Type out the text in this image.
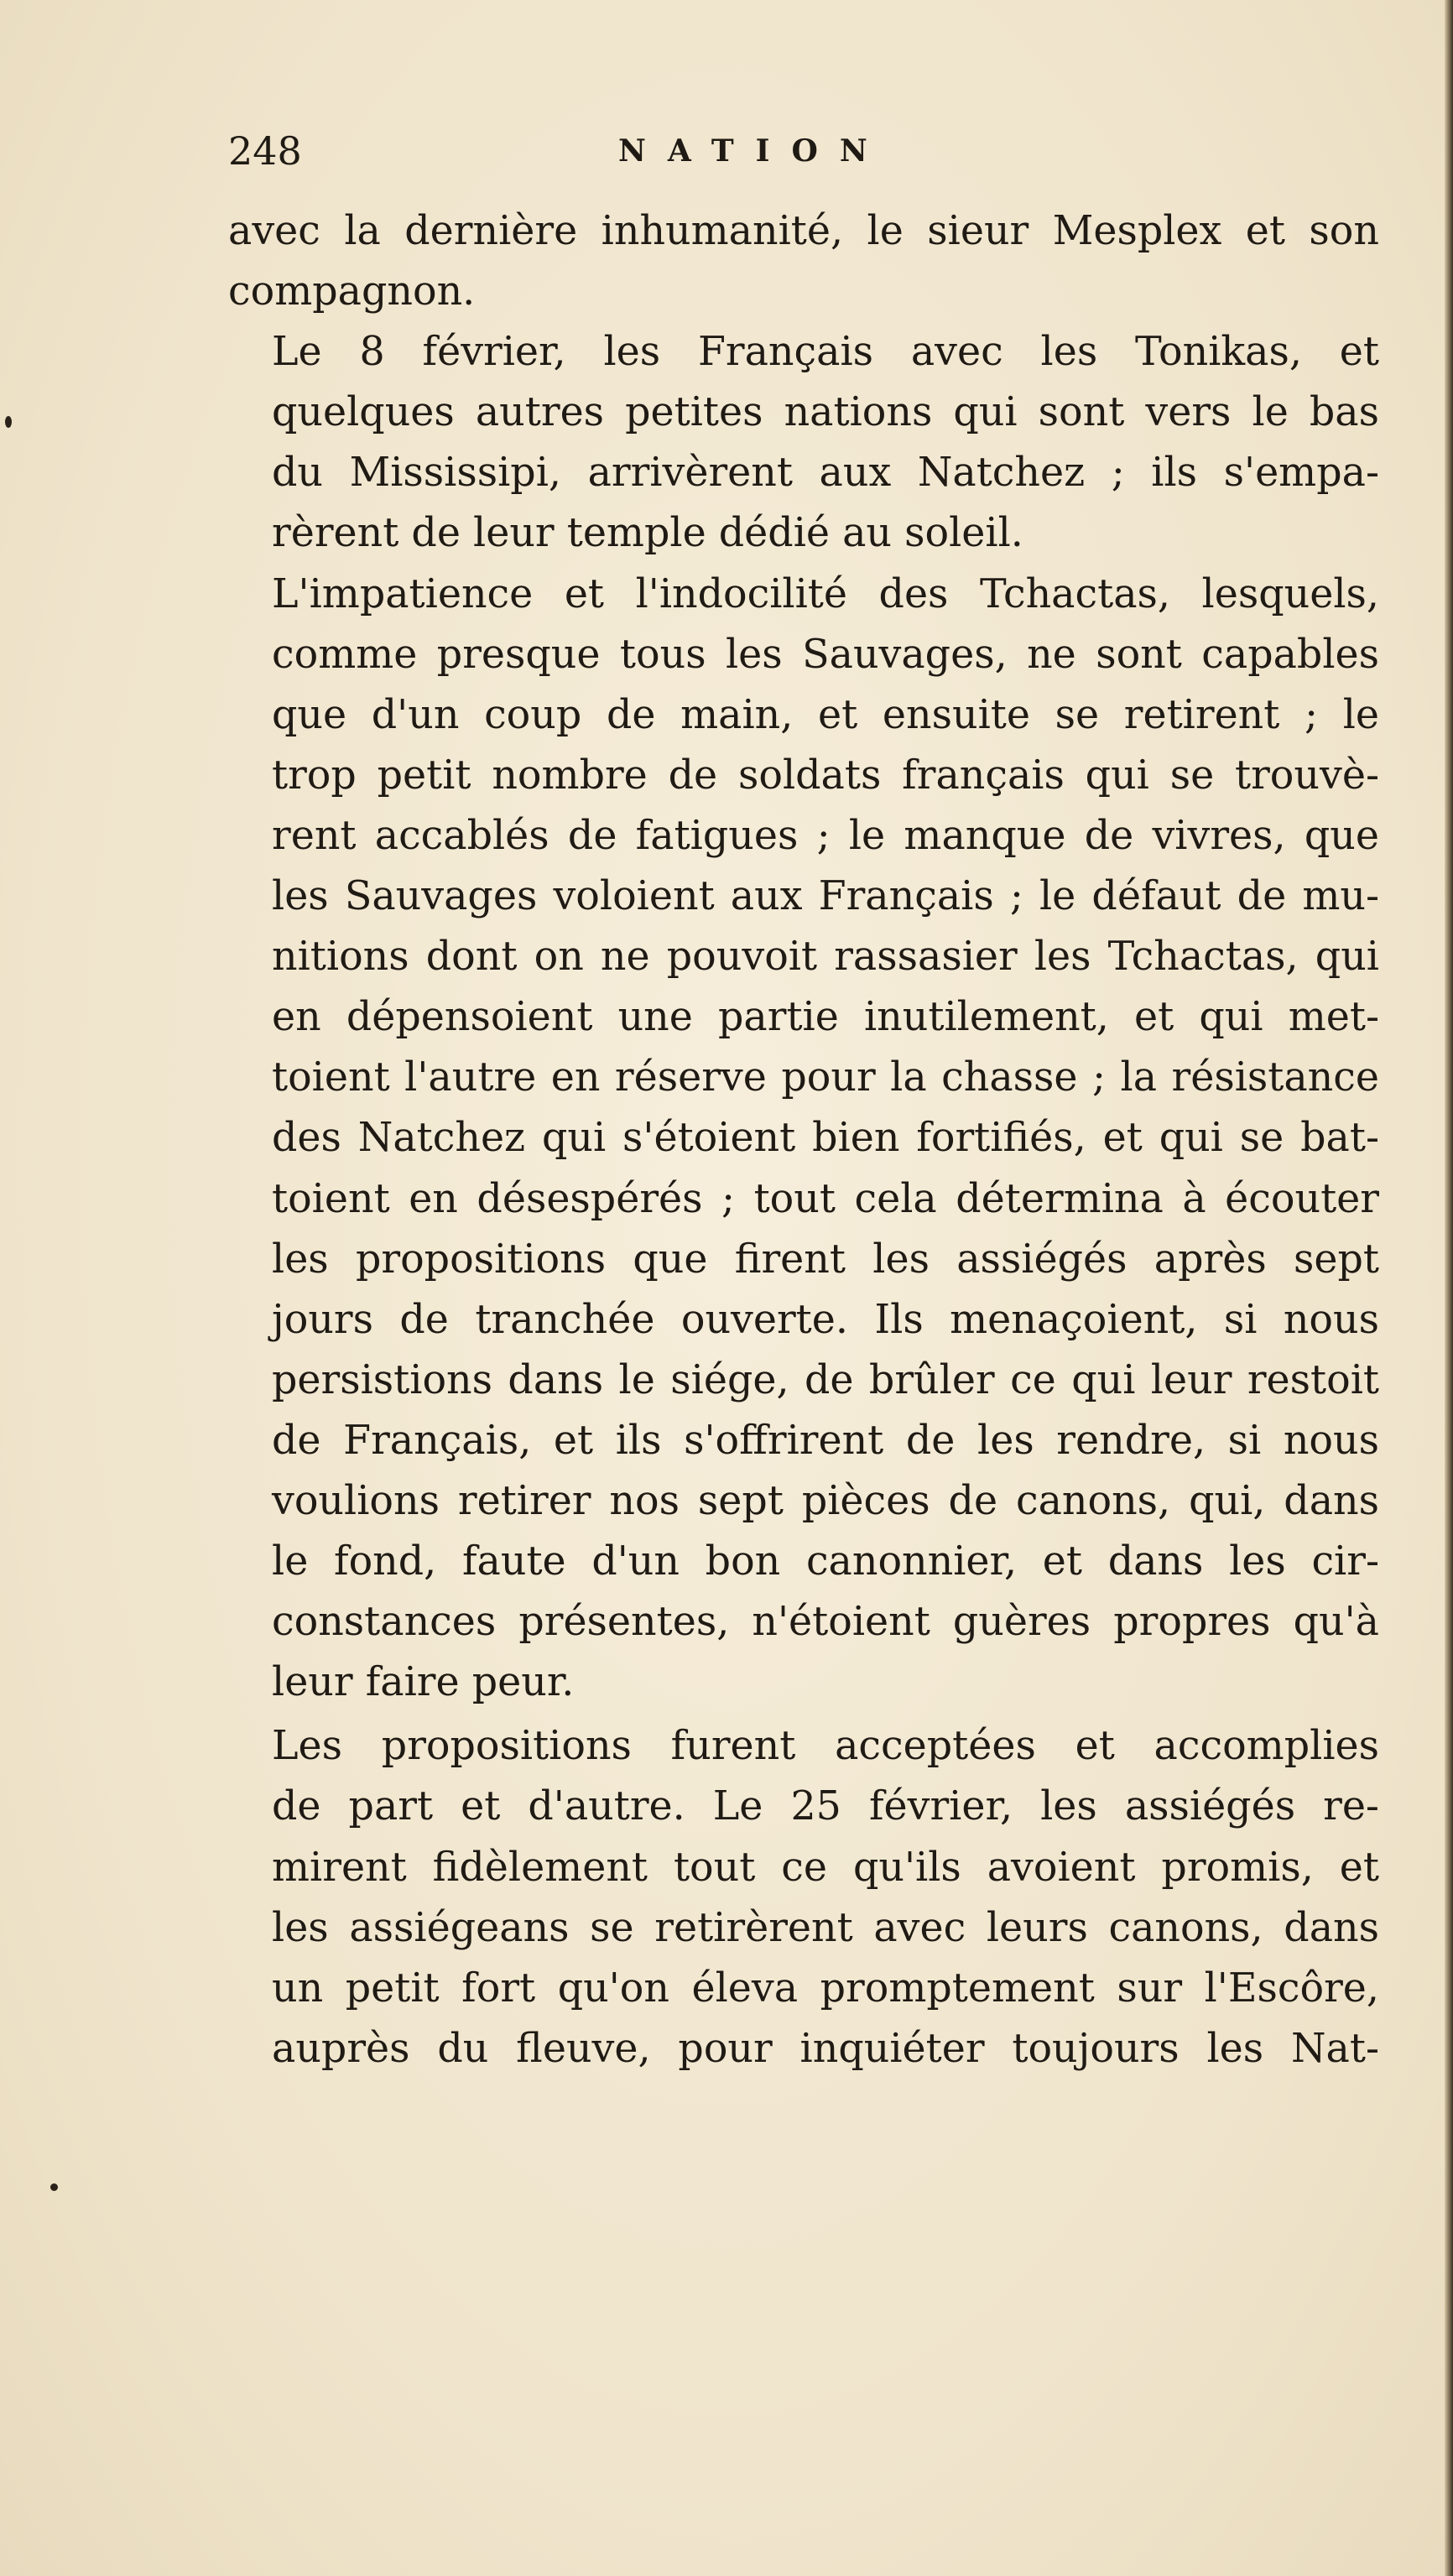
248	NATION

avec la dernière inhumanité, le sieur Mesplex et son
compagnon.

Le 8 février, les Français avec les Tonikas, et
quelques autres petites nations qui sont vers le bas
du Mississipi, arrivèrent aux Natchez ; ils s'empa-
rèrent de leur temple dédié au soleil.

L'impatience et l'indocilité des Tchactas, lesquels,
comme presque tous les Sauvages, ne sont capables
que d'un coup de main, et ensuite se retirent ; le
trop petit nombre de soldats français qui se trouvè-
rent accablés de fatigues ; le manque de vivres, que
les Sauvages voloient aux Français ; le défaut de mu-
nitions dont on ne pouvoit rassasier les Tchactas, qui
en dépensoient une partie inutilement, et qui met-
toient l'autre en réserve pour la chasse ; la résistance
des Natchez qui s'étoient bien fortifiés, et qui se bat-
toient en désespérés ; tout cela détermina à écouter
les propositions que firent les assiégés après sept
jours de tranchée ouverte. Ils menaçoient, si nous
persistions dans le siége, de brûler ce qui leur restoit
de Français, et ils s'offrirent de les rendre, si nous
voulions retirer nos sept pièces de canons, qui, dans
le fond, faute d'un bon canonnier, et dans les cir-
constances présentes, n'étoient guères propres qu'à
leur faire peur.

Les propositions furent acceptées et accomplies
de part et d'autre. Le 25 février, les assiégés re-
mirent fidèlement tout ce qu'ils avoient promis, et
les assiégeans se retirèrent avec leurs canons, dans
un petit fort qu'on éleva promptement sur l'Escôre,
auprès du fleuve, pour inquiéter toujours les Nat-
